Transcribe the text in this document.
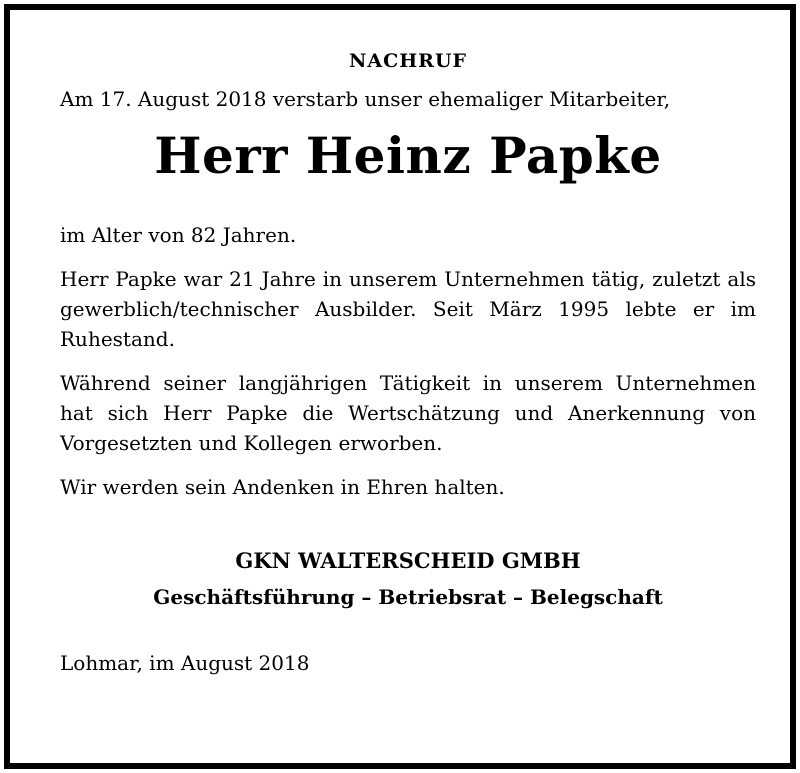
NACHRUF

Am 17. August 2018 verstarb unser ehemaliger Mitarbeiter,

Herr Heinz Papke

im Alter von 82 Jahren.

Herr Papke war 21 Jahre in unserem Unternehmen tätig, zuletzt als gewerblich/technischer Ausbilder. Seit März 1995 lebte er im Ruhestand.

Während seiner langjährigen Tätigkeit in unserem Unternehmen hat sich Herr Papke die Wertschätzung und Anerkennung von Vorgesetzten und Kollegen erworben.

Wir werden sein Andenken in Ehren halten.

GKN WALTERSCHEID GMBH
Geschäftsführung – Betriebsrat – Belegschaft

Lohmar, im August 2018
